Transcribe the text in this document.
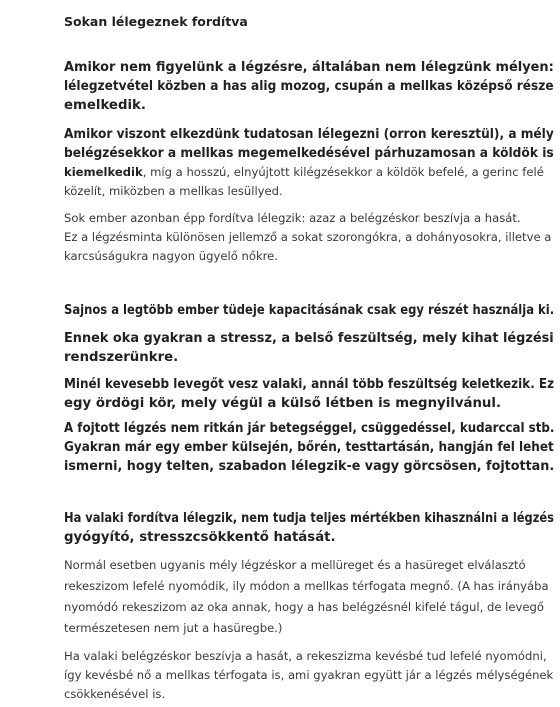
Sokan lélegeznek fordítva

Amikor nem figyelünk a légzésre, általában nem lélegzünk mélyen:

lélegzetvétel közben a has alig mozog, csupán a mellkas középső része

emelkedik.

Amikor viszont elkezdünk tudatosan lélegezni (orron keresztül), a mély

belégzésekkor a mellkas megemelkedésével párhuzamosan a köldök is

kiemelkedik, míg a hosszú, elnyújtott kilégzésekkor a köldök befelé, a gerinc felé

közelít, miközben a mellkas lesüllyed.

Sok ember azonban épp fordítva lélegzik: azaz a belégzéskor beszívja a hasát.

Ez a légzésminta különösen jellemző a sokat szorongókra, a dohányosokra, illetve a

karcsúságukra nagyon ügyelő nőkre.

Sajnos a legtöbb ember tüdeje kapacitásának csak egy részét használja ki.

Ennek oka gyakran a stressz, a belső feszültség, mely kihat légzési

rendszerünkre.

Minél kevesebb levegőt vesz valaki, annál több feszültség keletkezik. Ez

egy ördögi kör, mely végül a külső létben is megnyilvánul.

A fojtott légzés nem ritkán jár betegséggel, csüggedéssel, kudarccal stb.

Gyakran már egy ember külsején, bőrén, testtartásán, hangján fel lehet

ismerni, hogy telten, szabadon lélegzik-e vagy görcsösen, fojtottan.

Ha valaki fordítva lélegzik, nem tudja teljes mértékben kihasználni a légzés

gyógyító, stresszcsökkentő hatását.

Normál esetben ugyanis mély légzéskor a mellüreget és a hasüreget elválasztó

rekeszizom lefelé nyomódik, ily módon a mellkas térfogata megnő. (A has irányába

nyomódó rekeszizom az oka annak, hogy a has belégzésnél kifelé tágul, de levegő

természetesen nem jut a hasüregbe.)

Ha valaki belégzéskor beszívja a hasát, a rekeszizma kevésbé tud lefelé nyomódni,

így kevésbé nő a mellkas térfogata is, ami gyakran együtt jár a légzés mélységének

csökkenésével is.
